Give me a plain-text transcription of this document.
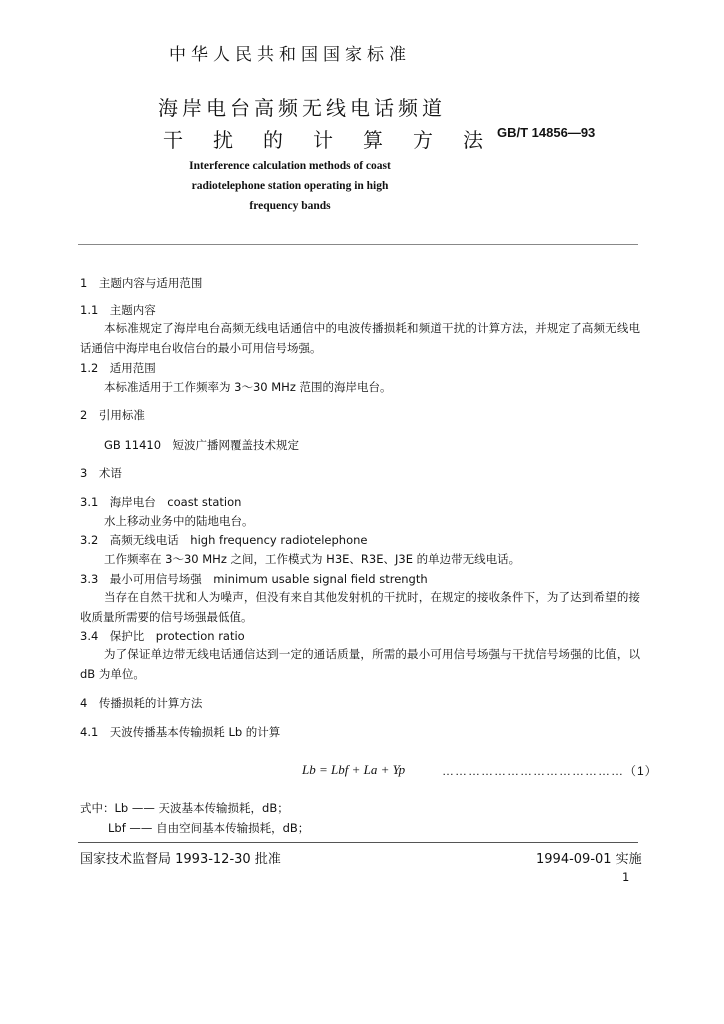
中华人民共和国国家标准
海岸电台高频无线电话频道
干扰的计算方法
GB/T 14856—93
Interference calculation methods of coast
radiotelephone station operating in high
frequency bands
1　主题内容与适用范围
1.1　主题内容
本标准规定了海岸电台高频无线电话通信中的电波传播损耗和频道干扰的计算方法，并规定了高频无线电话通信中海岸电台收信台的最小可用信号场强。
1.2　适用范围
本标准适用于工作频率为 3～30 MHz 范围的海岸电台。
2　引用标准
GB 11410　短波广播网覆盖技术规定
3　术语
3.1　海岸电台　coast station
水上移动业务中的陆地电台。
3.2　高频无线电话　high frequency radiotelephone
工作频率在 3～30 MHz 之间，工作模式为 H3E、R3E、J3E 的单边带无线电话。
3.3　最小可用信号场强　minimum usable signal field strength
当存在自然干扰和人为噪声，但没有来自其他发射机的干扰时，在规定的接收条件下，为了达到希望的接收质量所需要的信号场强最低值。
3.4　保护比　protection ratio
为了保证单边带无线电话通信达到一定的通话质量，所需的最小可用信号场强与干扰信号场强的比值，以 dB 为单位。
4　传播损耗的计算方法
4.1　天波传播基本传输损耗 Lb 的计算
Lb = Lbf + La + Yp	……………………………………（1）
式中：Lb —— 天波基本传输损耗，dB；
Lbf —— 自由空间基本传输损耗，dB；
国家技术监督局 1993-12-30 批准	1994-09-01 实施
1
